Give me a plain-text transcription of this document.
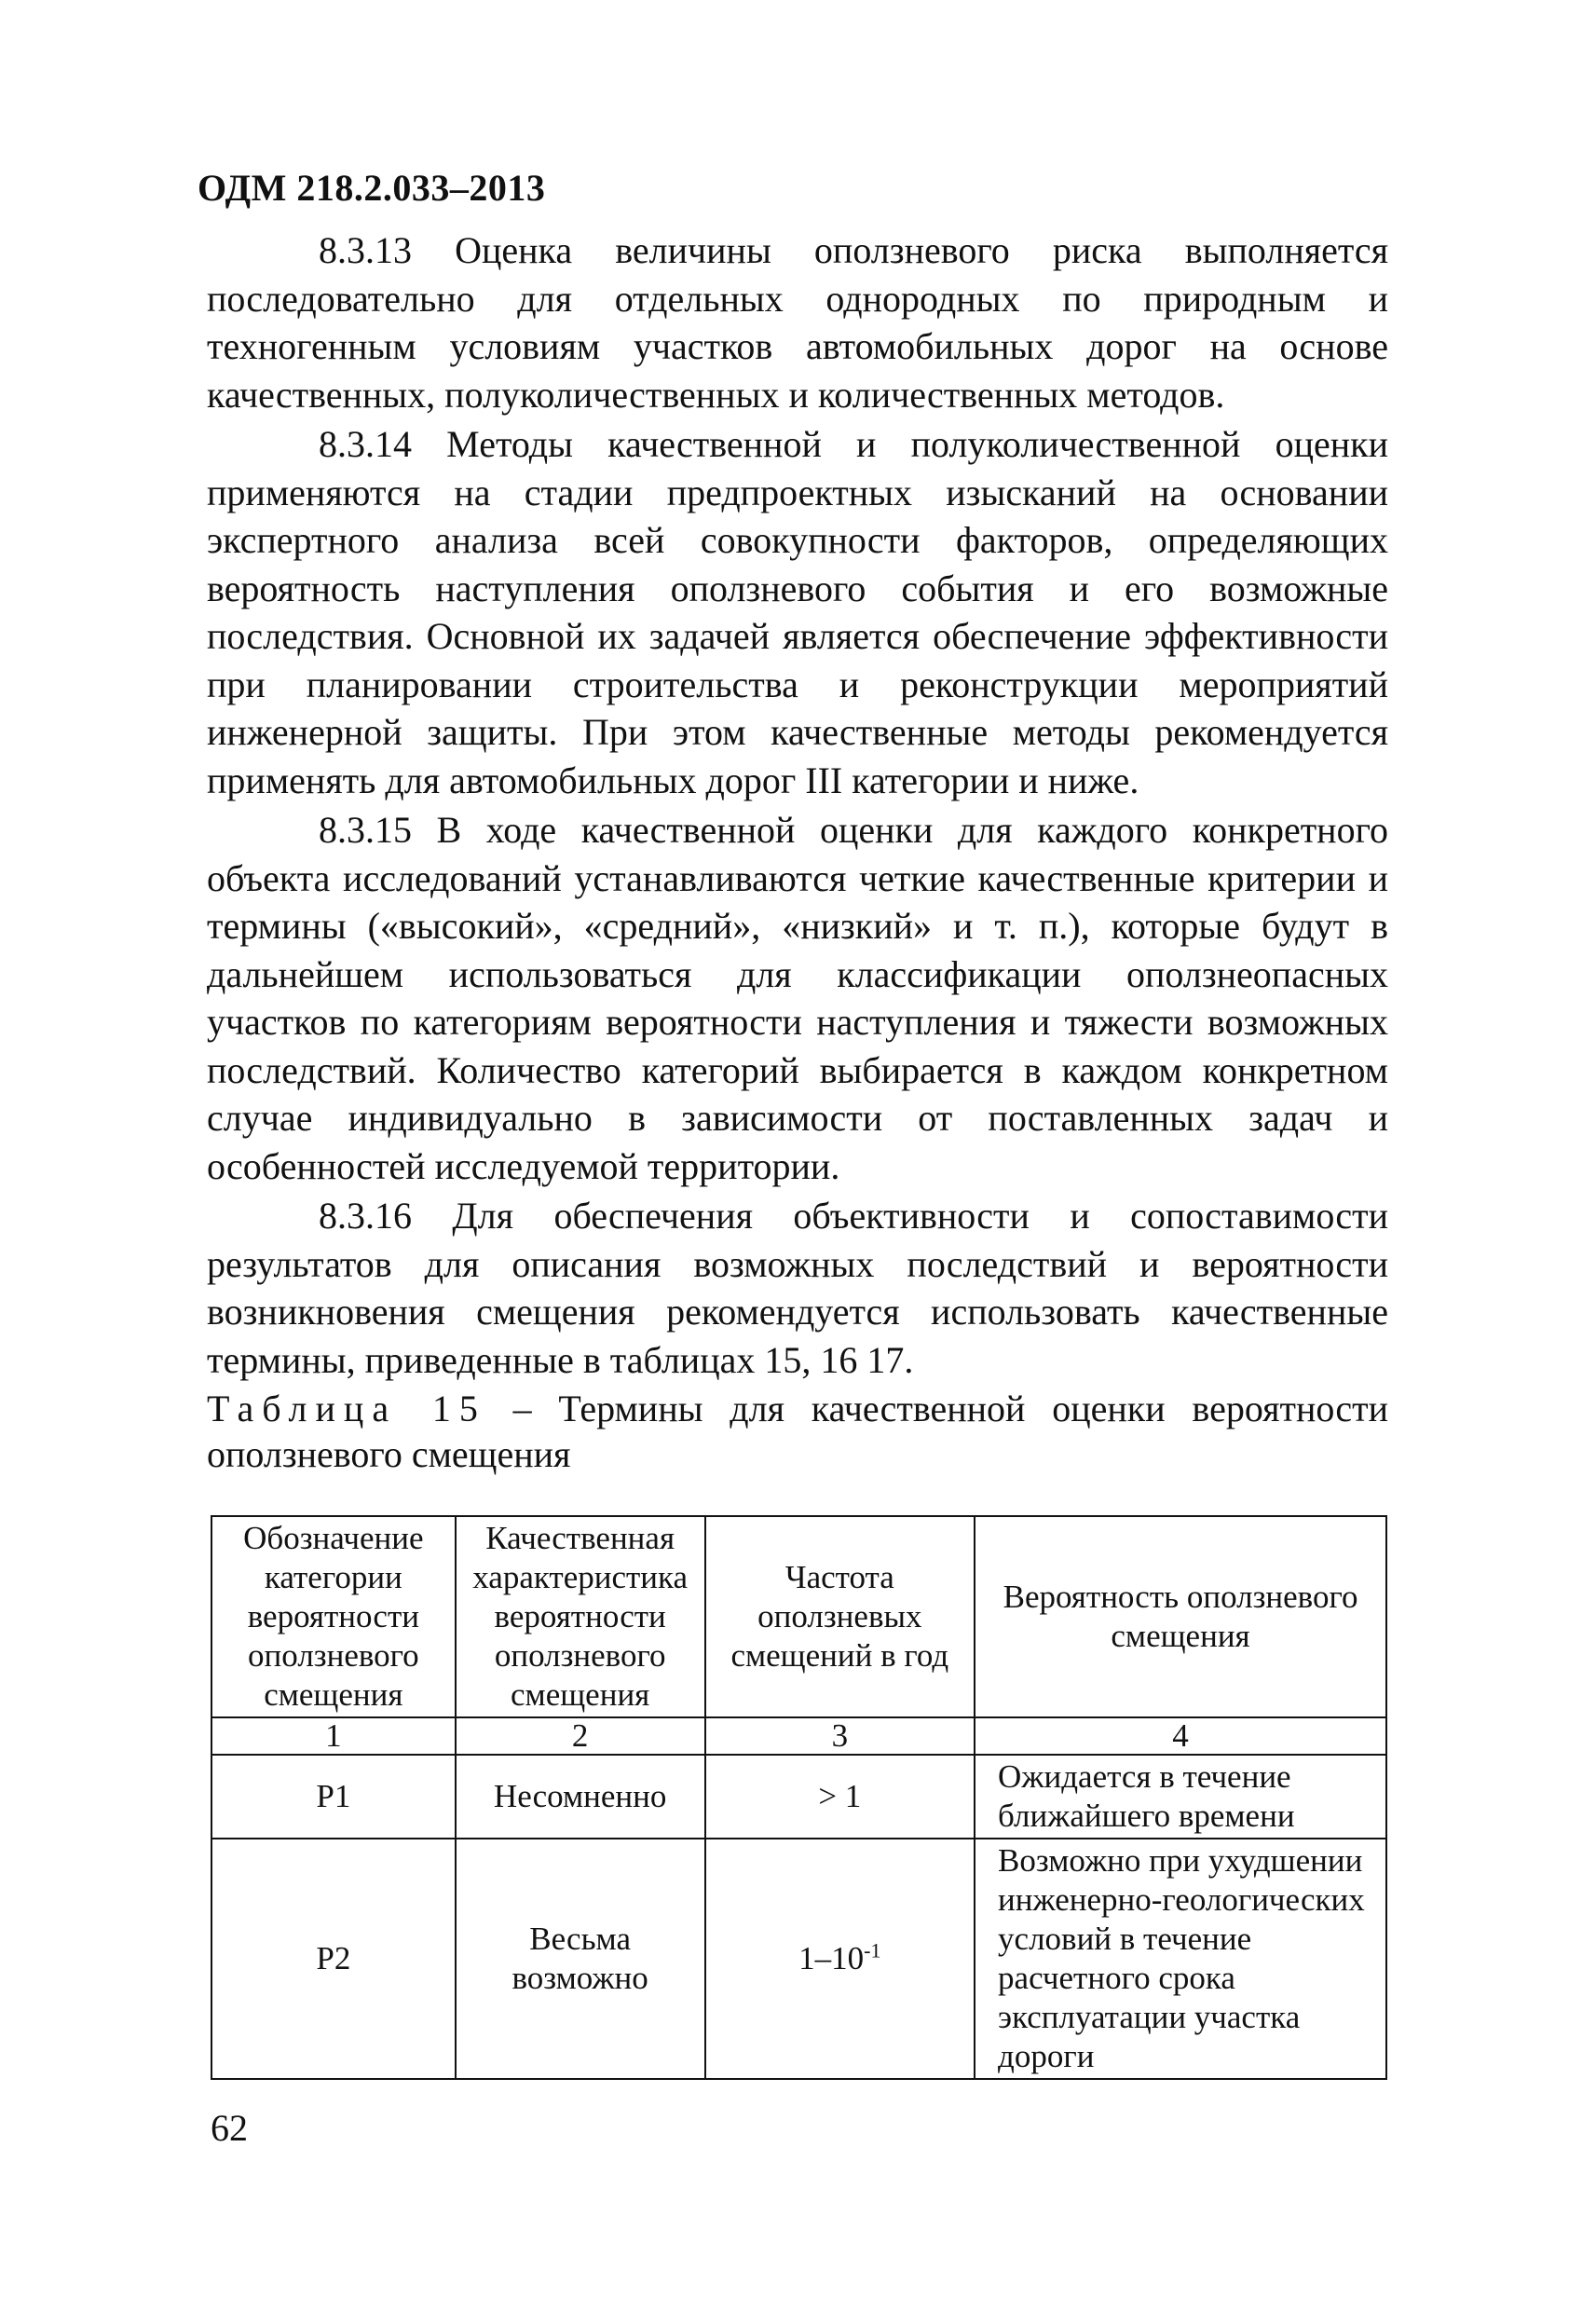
ОДМ 218.2.033–2013

8.3.13 Оценка величины оползневого риска выполняется последовательно для отдельных однородных по природным и техногенным условиям участков автомобильных дорог на основе качественных, полуколичественных и количественных методов.

8.3.14 Методы качественной и полуколичественной оценки применяются на стадии предпроектных изысканий на основании экспертного анализа всей совокупности факторов, определяющих вероятность наступления оползневого события и его возможные последствия. Основной их задачей является обеспечение эффективности при планировании строительства и реконструкции мероприятий инженерной защиты. При этом качественные методы рекомендуется применять для автомобильных дорог III категории и ниже.

8.3.15 В ходе качественной оценки для каждого конкретного объекта исследований устанавливаются четкие качественные критерии и термины («высокий», «средний», «низкий» и т. п.), которые будут в дальнейшем использоваться для классификации оползнеопасных участков по категориям вероятности наступления и тяжести возможных последствий. Количество категорий выбирается в каждом конкретном случае индивидуально в зависимости от поставленных задач и особенностей исследуемой территории.

8.3.16 Для обеспечения объективности и сопоставимости результатов для описания возможных последствий и вероятности возникновения смещения рекомендуется использовать качественные термины, приведенные в таблицах 15, 16 17.

Таблица 15 – Термины для качественной оценки вероятности оползневого смещения
Обозначение категории вероятности оползневого смещения	Качественная характеристика вероятности оползневого смещения	Частота оползневых смещений в год	Вероятность оползневого смещения
1	2	3	4
Р1	Несомненно	> 1	Ожидается в течение ближайшего времени
Р2	Весьма возможно	$1-10^{-1}$	Возможно при ухудшении инженерно-геологических условий в течение расчетного срока эксплуатации участка дороги
62
